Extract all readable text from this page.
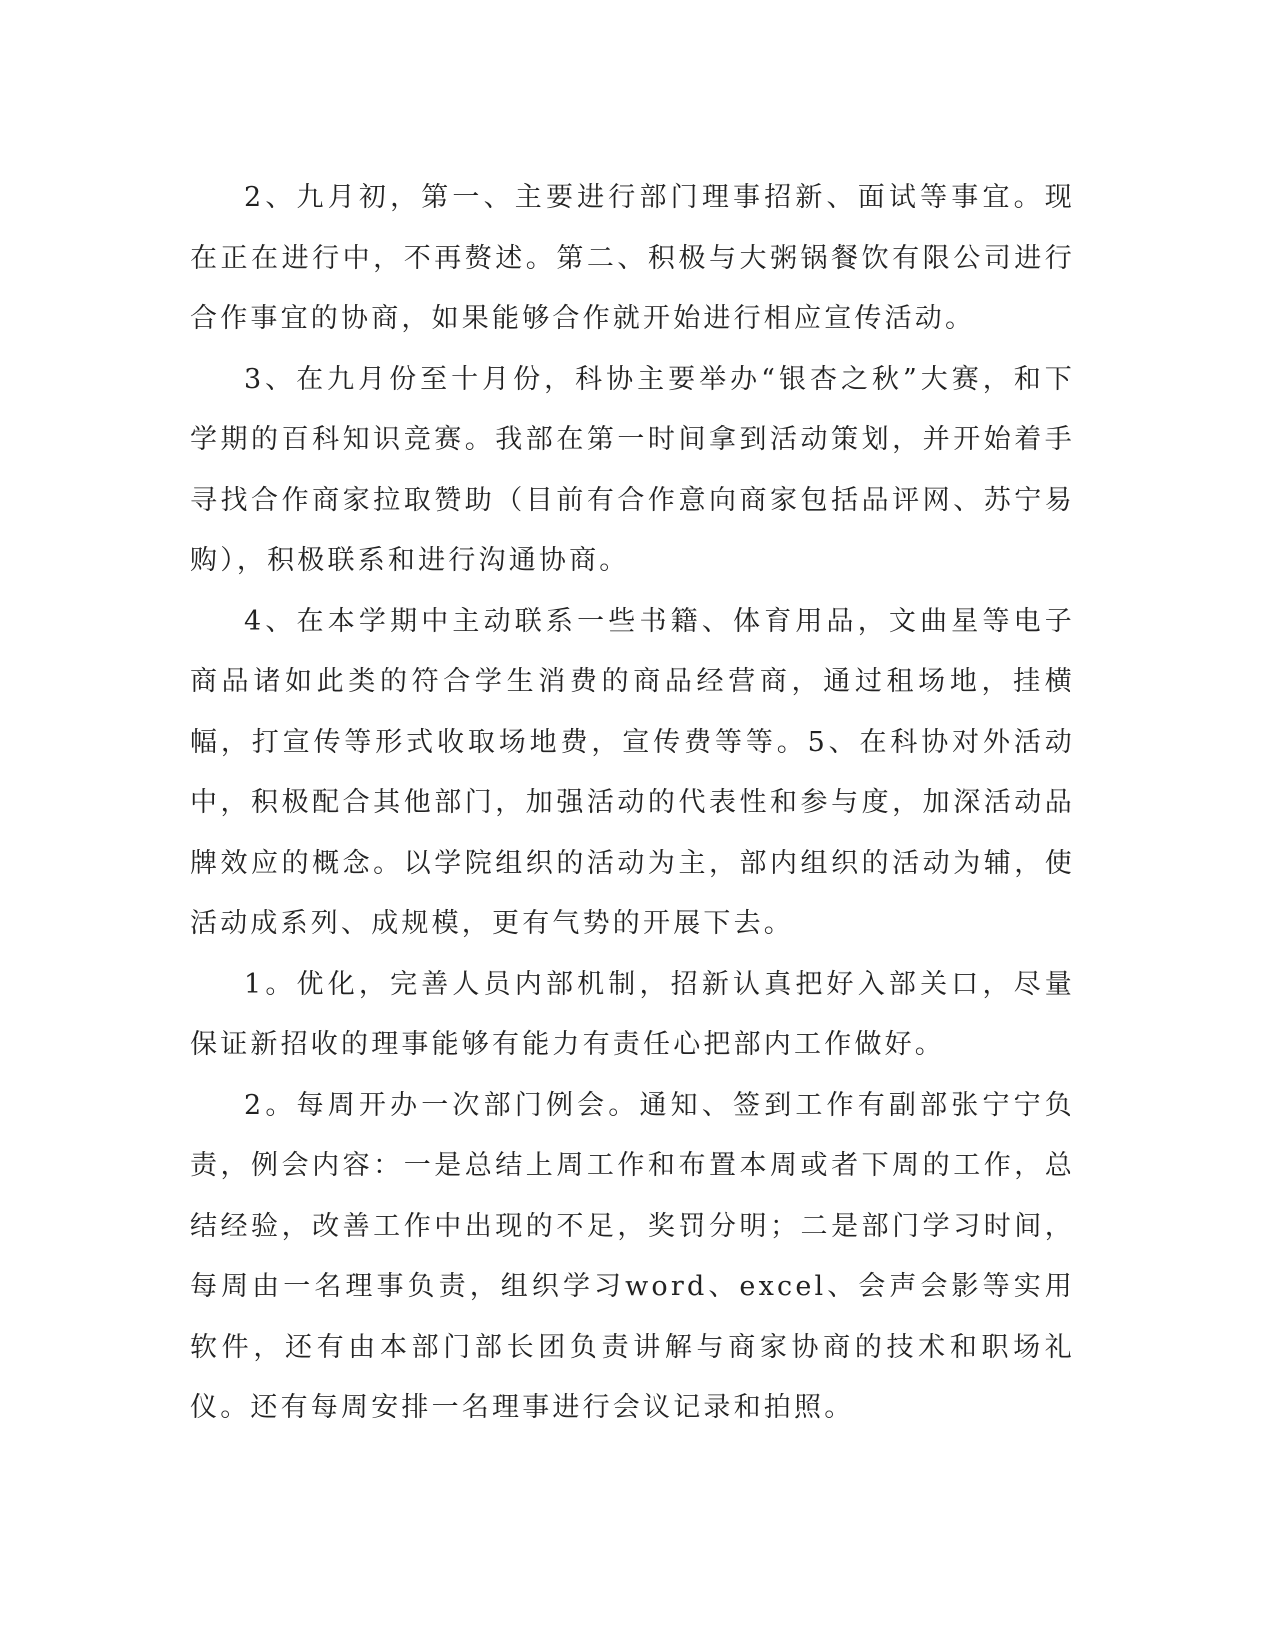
2、九月初，第一、主要进行部门理事招新、面试等事宜。现在正在进行中，不再赘述。第二、积极与大粥锅餐饮有限公司进行合作事宜的协商，如果能够合作就开始进行相应宣传活动。

3、在九月份至十月份，科协主要举办“银杏之秋”大赛，和下学期的百科知识竞赛。我部在第一时间拿到活动策划，并开始着手寻找合作商家拉取赞助（目前有合作意向商家包括品评网、苏宁易购），积极联系和进行沟通协商。

4、在本学期中主动联系一些书籍、体育用品，文曲星等电子商品诸如此类的符合学生消费的商品经营商，通过租场地，挂横幅，打宣传等形式收取场地费，宣传费等等。5、在科协对外活动中，积极配合其他部门，加强活动的代表性和参与度，加深活动品牌效应的概念。以学院组织的活动为主，部内组织的活动为辅，使活动成系列、成规模，更有气势的开展下去。

1。优化，完善人员内部机制，招新认真把好入部关口，尽量保证新招收的理事能够有能力有责任心把部内工作做好。

2。每周开办一次部门例会。通知、签到工作有副部张宁宁负责，例会内容：一是总结上周工作和布置本周或者下周的工作，总结经验，改善工作中出现的不足，奖罚分明；二是部门学习时间，每周由一名理事负责，组织学习word、excel、会声会影等实用软件，还有由本部门部长团负责讲解与商家协商的技术和职场礼仪。还有每周安排一名理事进行会议记录和拍照。
